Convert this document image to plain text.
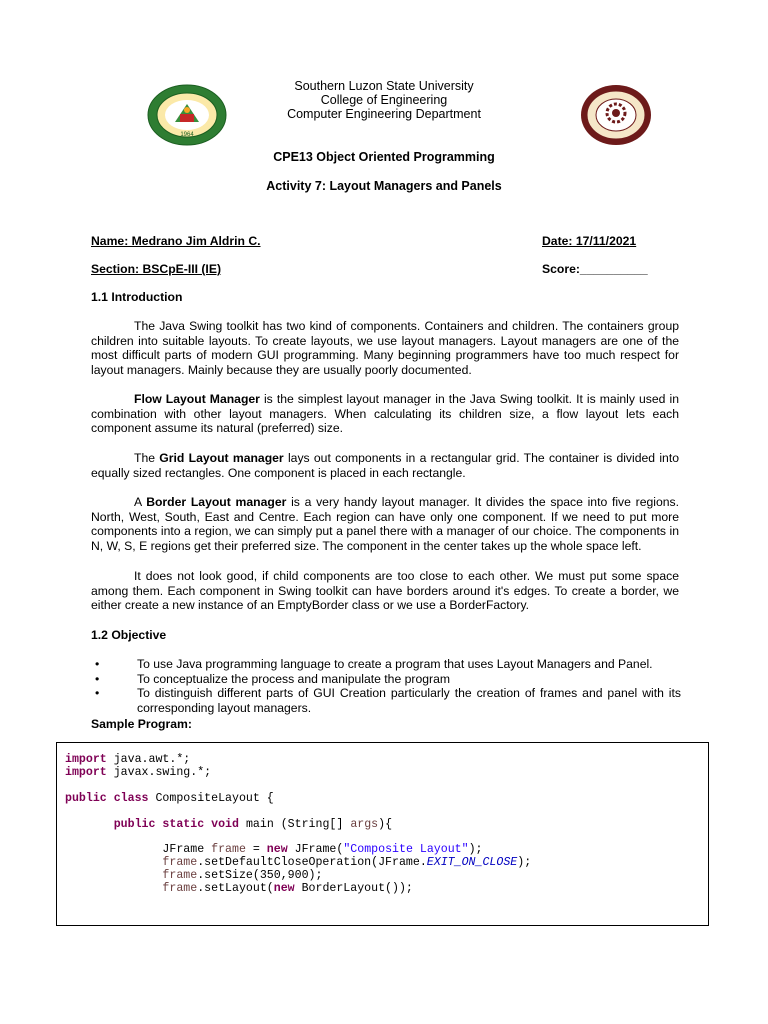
1964
Southern Luzon State University
College of Engineering
Computer Engineering Department
CPE13 Object Oriented Programming
Activity 7: Layout Managers and Panels
Name: Medrano Jim Aldrin C.	Date: 17/11/2021
Section: BSCpE-III (IE)	Score:__________
1.1 Introduction
The Java Swing toolkit has two kind of components. Containers and children. The containers group children into suitable layouts. To create layouts, we use layout managers. Layout managers are one of the most difficult parts of modern GUI programming. Many beginning programmers have too much respect for layout managers. Mainly because they are usually poorly documented.
Flow Layout Manager is the simplest layout manager in the Java Swing toolkit. It is mainly used in combination with other layout managers. When calculating its children size, a flow layout lets each component assume its natural (preferred) size.
The Grid Layout manager lays out components in a rectangular grid. The container is divided into equally sized rectangles. One component is placed in each rectangle.
A Border Layout manager is a very handy layout manager. It divides the space into five regions. North, West, South, East and Centre. Each region can have only one component. If we need to put more components into a region, we can simply put a panel there with a manager of our choice. The components in N, W, S, E regions get their preferred size. The component in the center takes up the whole space left.
It does not look good, if child components are too close to each other. We must put some space among them. Each component in Swing toolkit can have borders around it's edges. To create a border, we either create a new instance of an EmptyBorder class or we use a BorderFactory.
1.2 Objective
•	To use Java programming language to create a program that uses Layout Managers and Panel.
•	To conceptualize the process and manipulate the program
•	To distinguish different parts of GUI Creation particularly the creation of frames and panel with its corresponding layout managers.
Sample Program:
import java.awt.*;
import javax.swing.*;

public class CompositeLayout {

public static void main (String[] args){

JFrame frame = new JFrame("Composite Layout");
frame.setDefaultCloseOperation(JFrame.EXIT_ON_CLOSE);
frame.setSize(350,900);
frame.setLayout(new BorderLayout());
